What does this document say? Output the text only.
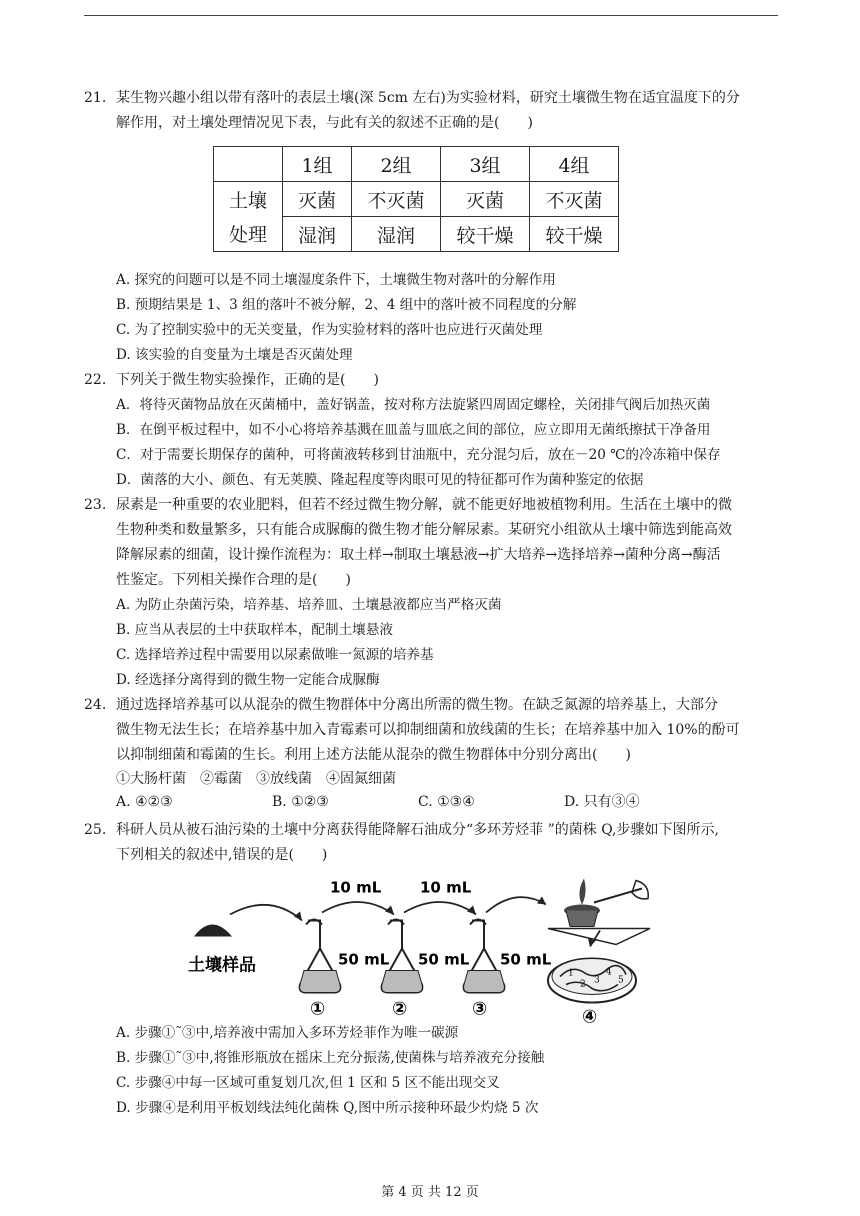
21. 某生物兴趣小组以带有落叶的表层土壤(深 5cm 左右)为实验材料，研究土壤微生物在适宜温度下的分
解作用，对土壤处理情况见下表，与此有关的叙述不正确的是(　　)
	1组	2组	3组	4组
土壤	灭菌	不灭菌	灭菌	不灭菌
处理	湿润	湿润	较干燥	较干燥
A. 探究的问题可以是不同土壤湿度条件下，土壤微生物对落叶的分解作用
B. 预期结果是 1、3 组的落叶不被分解，2、4 组中的落叶被不同程度的分解
C. 为了控制实验中的无关变量，作为实验材料的落叶也应进行灭菌处理
D. 该实验的自变量为土壤是否灭菌处理
22. 下列关于微生物实验操作，正确的是(　　)
A．将待灭菌物品放在灭菌桶中，盖好锅盖，按对称方法旋紧四周固定螺栓，关闭排气阀后加热灭菌
B．在倒平板过程中，如不小心将培养基溅在皿盖与皿底之间的部位，应立即用无菌纸擦拭干净备用
C．对于需要长期保存的菌种，可将菌液转移到甘油瓶中，充分混匀后，放在－20 ℃的冷冻箱中保存
D．菌落的大小、颜色、有无荚膜、隆起程度等肉眼可见的特征都可作为菌种鉴定的依据
23. 尿素是一种重要的农业肥料，但若不经过微生物分解，就不能更好地被植物利用。生活在土壤中的微
生物种类和数量繁多，只有能合成脲酶的微生物才能分解尿素。某研究小组欲从土壤中筛选到能高效
降解尿素的细菌，设计操作流程为：取土样→制取土壤悬液→扩大培养→选择培养→菌种分离→酶活
性鉴定。下列相关操作合理的是(　　)
A. 为防止杂菌污染，培养基、培养皿、土壤悬液都应当严格灭菌
B. 应当从表层的土中获取样本，配制土壤悬液
C. 选择培养过程中需要用以尿素做唯一氮源的培养基
D. 经选择分离得到的微生物一定能合成脲酶
24. 通过选择培养基可以从混杂的微生物群体中分离出所需的微生物。在缺乏氮源的培养基上，大部分
微生物无法生长；在培养基中加入青霉素可以抑制细菌和放线菌的生长；在培养基中加入 10%的酚可
以抑制细菌和霉菌的生长。利用上述方法能从混杂的微生物群体中分别分离出(　　)
①大肠杆菌　②霉菌　③放线菌　④固氮细菌
A. ④②③	B. ①②③	C. ①③④	D. 只有③④
25. 科研人员从被石油污染的土壤中分离获得能降解石油成分“多环芳烃菲 ”的菌株 Q,步骤如下图所示,
下列相关的叙述中,错误的是(　　)
土壤样品
①
50 mL
10 mL
②
50 mL
10 mL
③
50 mL
1
2 3
4
5
④
A. 步骤①˜③中,培养液中需加入多环芳烃菲作为唯一碳源
B. 步骤①˜③中,将锥形瓶放在摇床上充分振荡,使菌株与培养液充分接触
C. 步骤④中每一区域可重复划几次,但 1 区和 5 区不能出现交叉
D. 步骤④是利用平板划线法纯化菌株 Q,图中所示接种环最少灼烧 5 次
第 4 页 共 12 页
